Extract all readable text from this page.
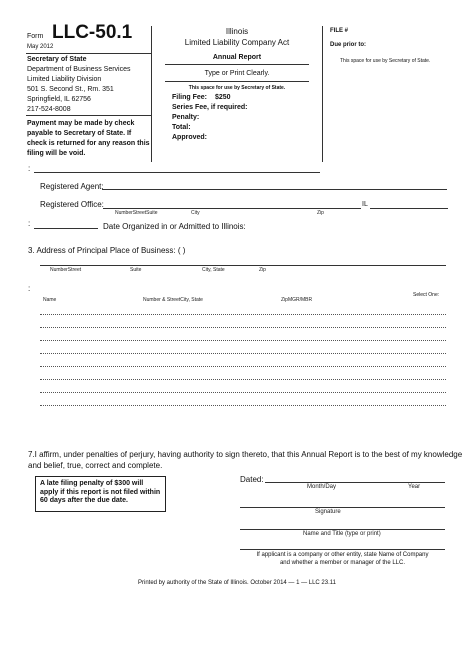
Form LLC-50.1
May 2012
Secretary of State
Department of Business Services
Limited Liability Division
501 S. Second St., Rm. 351
Springfield, IL 62756
217-524-8008
Payment may be made by check
payable to Secretary of State. If
check is returned for any reason this
filing will be void.
Illinois
Limited Liability Company Act
Annual Report
Type or Print Clearly.
This space for use by Secretary of State.
Filing Fee: $250
Series Fee, if required:
Penalty:
Total:
Approved:
FILE #
Due prior to:
This space for use by Secretary of State.
:
Registered Agent:
Registered Office:	IL
NumberStreetSuite	City	Zip
:	Date Organized in or Admitted to Illinois:
3. Address of Principal Place of Business: ( )
NumberStreet	Suite	City, State	Zip
:
Select One:
Name	Number & StreetCity, State	ZipMGR/MBR
7.I affirm, under penalties of perjury, having authority to sign thereto, that this Annual Report is to the best of my knowledge
and belief, true, correct and complete.
A late filing penalty of $300 will
apply if this report is not filed within
60 days after the due date.
Dated:
Month/Day	Year
Signature
Name and Title (type or print)
If applicant is a company or other entity, state Name of Company
and whether a member or manager of the LLC.
Printed by authority of the State of Illinois. October 2014 — 1 — LLC 23.11
